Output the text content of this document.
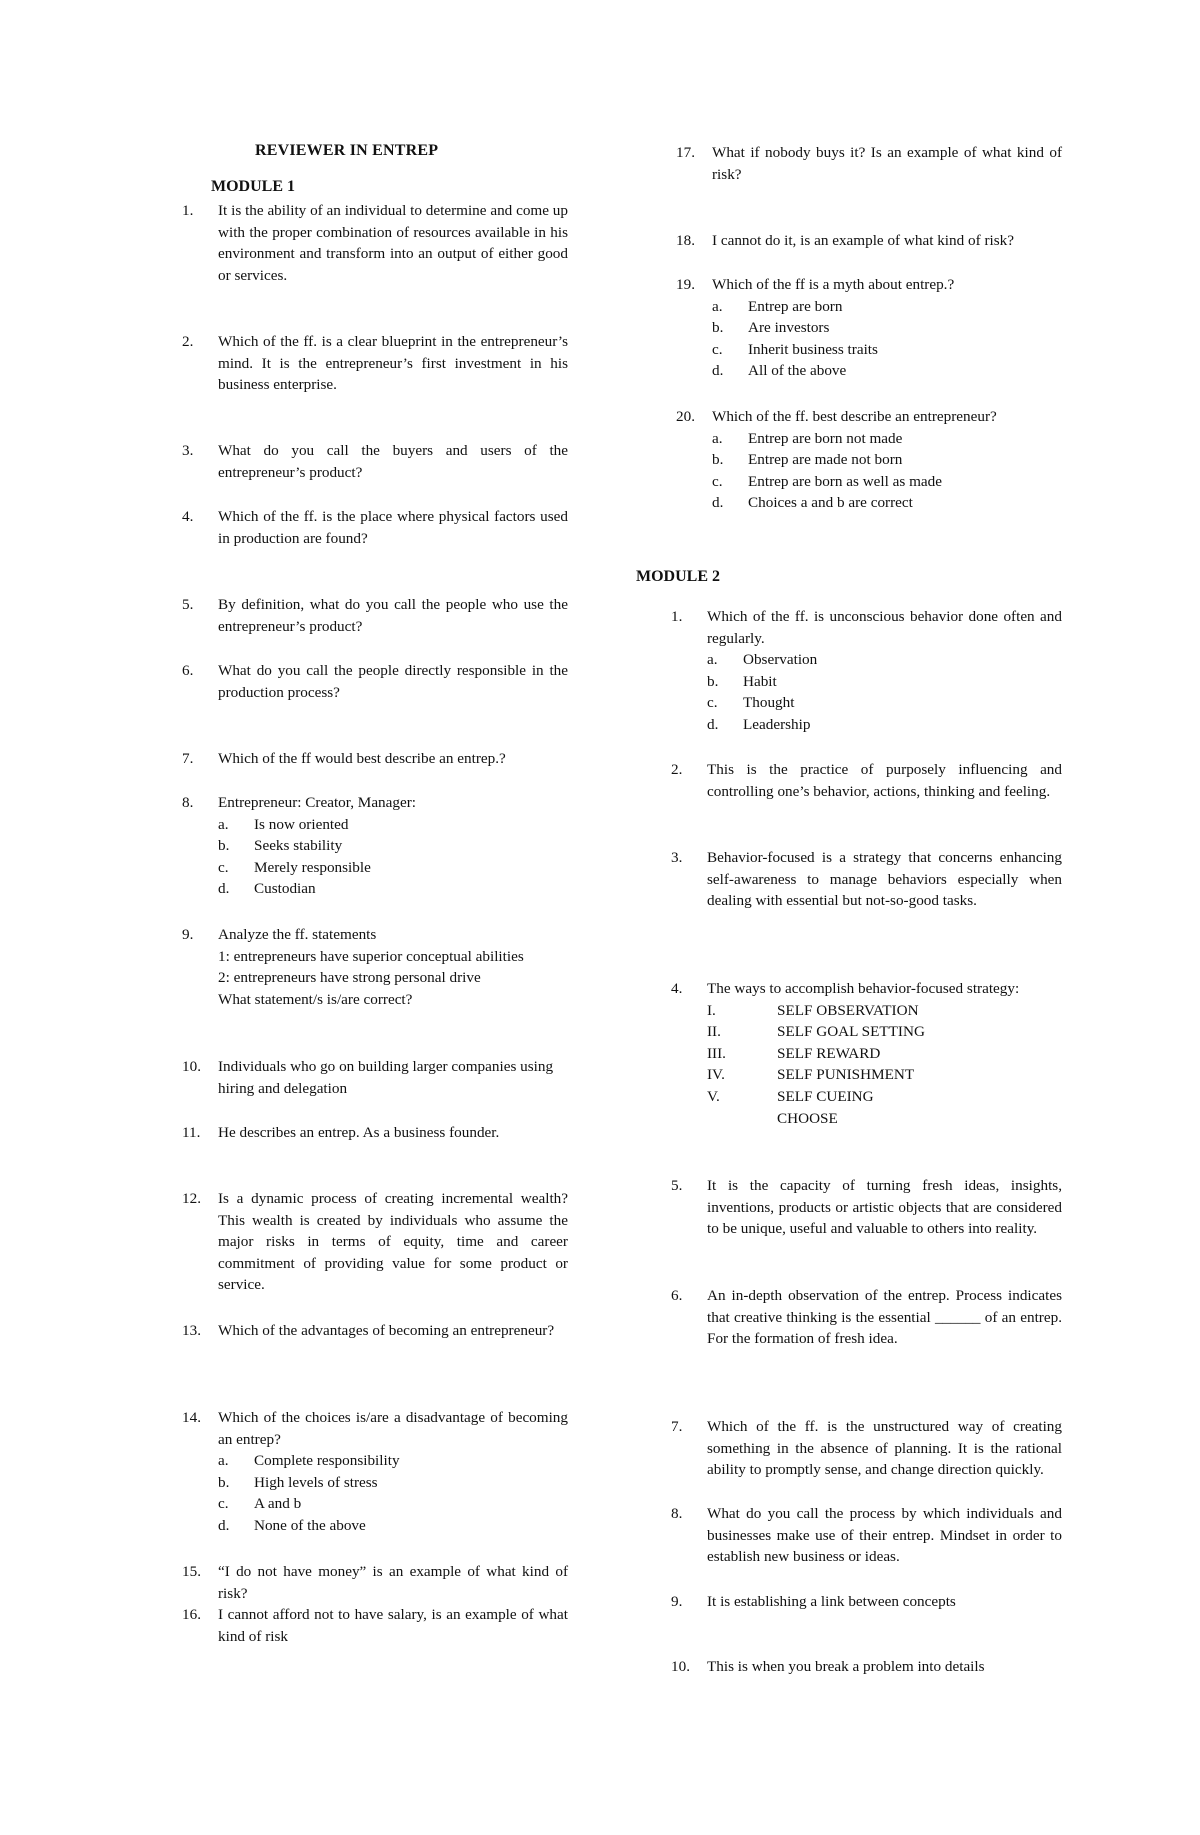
REVIEWER IN ENTREP
MODULE 1
1.	It is the ability of an individual to determine and come up with the proper combination of resources available in his environment and transform into an output of either good or services.
2.	Which of the ff. is a clear blueprint in the entrepreneur’s mind. It is the entrepreneur’s first investment in his business enterprise.
3.	What do you call the buyers and users of the entrepreneur’s product?
4.	Which of the ff. is the place where physical factors used in production are found?
5.	By definition, what do you call the people who use the entrepreneur’s product?
6.	What do you call the people directly responsible in the production process?
7.	Which of the ff would best describe an entrep.?
8.	Entrepreneur: Creator, Manager:
a. Is now oriented
b. Seeks stability
c. Merely responsible
d. Custodian
9.	Analyze the ff. statements
1: entrepreneurs have superior conceptual abilities
2: entrepreneurs have strong personal drive
What statement/s is/are correct?
10.	Individuals who go on building larger companies using hiring and delegation
11.	He describes an entrep. As a business founder.
12.	Is a dynamic process of creating incremental wealth? This wealth is created by individuals who assume the major risks in terms of equity, time and career commitment of providing value for some product or service.
13.	Which of the advantages of becoming an entrepreneur?
14.	Which of the choices is/are a disadvantage of becoming an entrep?
a. Complete responsibility
b. High levels of stress
c. A and b
d. None of the above
15.	“I do not have money” is an example of what kind of risk?
16.	I cannot afford not to have salary, is an example of what kind of risk
17.	What if nobody buys it? Is an example of what kind of risk?
18.	I cannot do it, is an example of what kind of risk?
19.	Which of the ff is a myth about entrep.?
a. Entrep are born
b. Are investors
c. Inherit business traits
d. All of the above
20.	Which of the ff. best describe an entrepreneur?
a. Entrep are born not made
b. Entrep are made not born
c. Entrep are born as well as made
d. Choices a and b are correct
MODULE 2
1.	Which of the ff. is unconscious behavior done often and regularly.
a. Observation
b. Habit
c. Thought
d. Leadership
2.	This is the practice of purposely influencing and controlling one’s behavior, actions, thinking and feeling.
3.	Behavior-focused is a strategy that concerns enhancing self-awareness to manage behaviors especially when dealing with essential but not-so-good tasks.
4.	The ways to accomplish behavior-focused strategy:
I.	SELF OBSERVATION
II.	SELF GOAL SETTING
III.	SELF REWARD
IV.	SELF PUNISHMENT
V.	SELF CUEING
CHOOSE
5.	It is the capacity of turning fresh ideas, insights, inventions, products or artistic objects that are considered to be unique, useful and valuable to others into reality.
6.	An in-depth observation of the entrep. Process indicates that creative thinking is the essential ______ of an entrep. For the formation of fresh idea.
7.	Which of the ff. is the unstructured way of creating something in the absence of planning. It is the rational ability to promptly sense, and change direction quickly.
8.	What do you call the process by which individuals and businesses make use of their entrep. Mindset in order to establish new business or ideas.
9.	It is establishing a link between concepts
10.	This is when you break a problem into details
